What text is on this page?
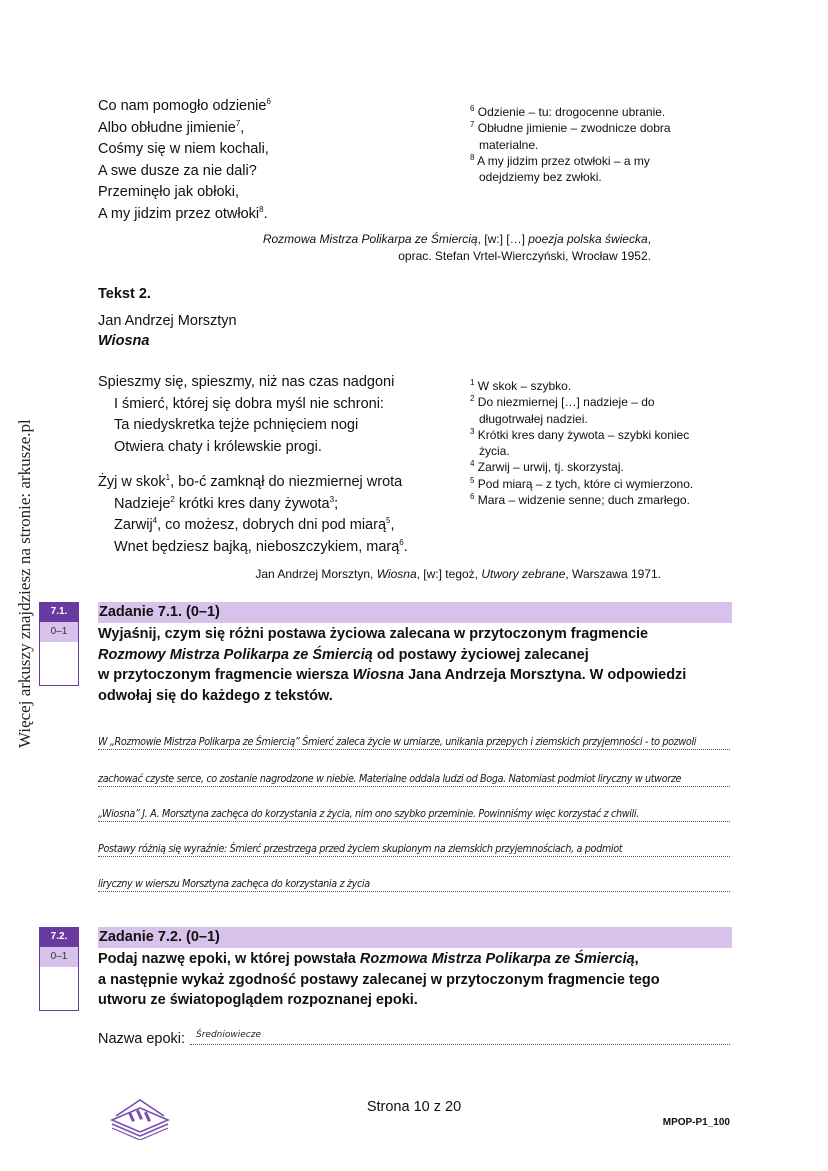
Więcej arkuszy znajdziesz na stronie: arkusze.pl
Co nam pomogło odzienie$^6$
Albo obłudne jimienie$^7$,
Cośmy się w niem kochali,
A swe dusze za nie dali?
Przeminęło jak obłoki,
A my jidzim przez otwłoki$^8$.
$^6$ Odzienie – tu: drogocenne ubranie.
$^7$ Obłudne jimienie – zwodnicze dobra
materialne.
$^8$ A my jidzim przez otwłoki – a my
odejdziemy bez zwłoki.
Rozmowa Mistrza Polikarpa ze Śmiercią, [w:] […] poezja polska świecka,
oprac. Stefan Vrtel-Wierczyński, Wrocław 1952.
Tekst 2.
Jan Andrzej Morsztyn
Wiosna
Spieszmy się, spieszmy, niż nas czas nadgoni
I śmierć, której się dobra myśl nie schroni:
Ta niedyskretka tejże pchnięciem nogi
Otwiera chaty i królewskie progi.
Żyj w skok$^1$, bo-ć zamknął do niezmiernej wrota
Nadzieje$^2$ krótki kres dany żywota$^3$;
Zarwij$^4$, co możesz, dobrych dni pod miarą$^5$,
Wnet będziesz bajką, nieboszczykiem, marą$^6$.
$^1$ W skok – szybko.
$^2$ Do niezmiernej […] nadzieje – do
długotrwałej nadziei.
$^3$ Krótki kres dany żywota – szybki koniec
życia.
$^4$ Zarwij – urwij, tj. skorzystaj.
$^5$ Pod miarą – z tych, które ci wymierzono.
$^6$ Mara – widzenie senne; duch zmarłego.
Jan Andrzej Morsztyn, Wiosna, [w:] tegoż, Utwory zebrane, Warszawa 1971.
7.1.
0–1
Zadanie 7.1. (0–1)
Wyjaśnij, czym się różni postawa życiowa zalecana w przytoczonym fragmencie
Rozmowy Mistrza Polikarpa ze Śmiercią od postawy życiowej zalecanej
w przytoczonym fragmencie wiersza Wiosna Jana Andrzeja Morsztyna. W odpowiedzi
odwołaj się do każdego z tekstów.
W „Rozmowie Mistrza Polikarpa ze Śmiercią” Śmierć zaleca życie w umiarze, unikania przepych i ziemskich przyjemności - to pozwoli
zachować czyste serce, co zostanie nagrodzone w niebie. Materialne oddala ludzi od Boga. Natomiast podmiot liryczny w utworze
„Wiosna” J. A. Morsztyna zachęca do korzystania z życia, nim ono szybko przeminie. Powinniśmy więc korzystać z chwili.
Postawy różnią się wyraźnie: Śmierć przestrzega przed życiem skupionym na ziemskich przyjemnościach, a podmiot
liryczny w wierszu Morsztyna zachęca do korzystania z życia
7.2.
0–1
Zadanie 7.2. (0–1)
Podaj nazwę epoki, w której powstała Rozmowa Mistrza Polikarpa ze Śmiercią,
a następnie wykaż zgodność postawy zalecanej w przytoczonym fragmencie tego
utworu ze światopoglądem rozpoznanej epoki.
Nazwa epoki: Średniowiecze
Strona 10 z 20
MPOP-P1_100
